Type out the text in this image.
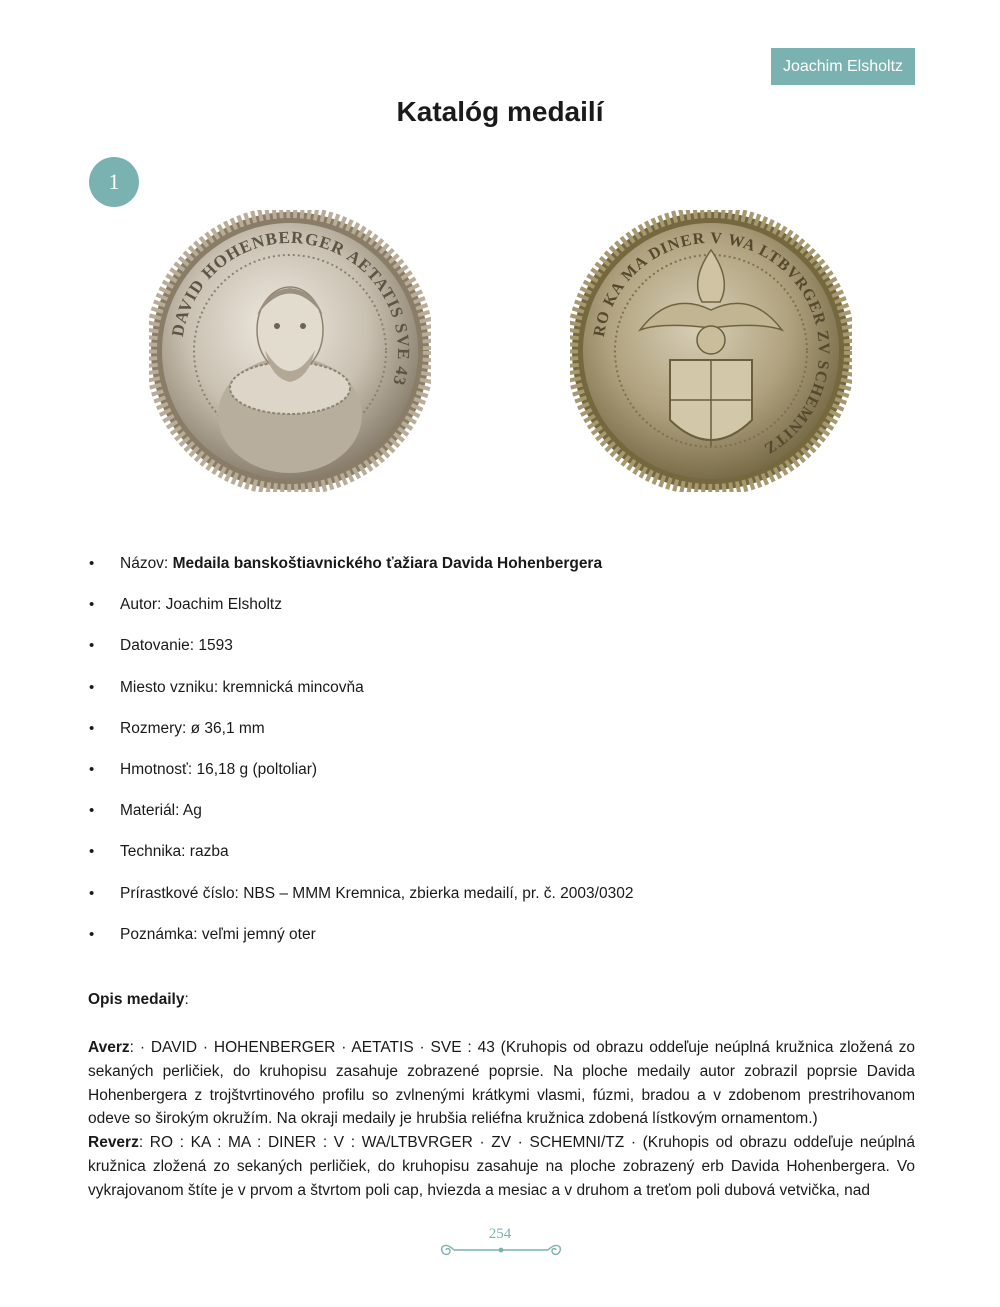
Joachim Elsholtz
Katalóg medailí
1
DAVID HOHENBERGER AETATIS SVE 43
RO KA MA DINER V WA LTBVRGER ZV SCHEMNITZ
•	Názov: Medaila banskoštiavnického ťažiara Davida Hohenbergera
•	Autor: Joachim Elsholtz
•	Datovanie: 1593
•	Miesto vzniku: kremnická mincovňa
•	Rozmery: ø 36,1 mm
•	Hmotnosť: 16,18 g (poltoliar)
•	Materiál: Ag
•	Technika: razba
•	Prírastkové číslo: NBS – MMM Kremnica, zbierka medailí, pr. č. 2003/0302
•	Poznámka: veľmi jemný oter
Opis medaily:

Averz: · DAVID · HOHENBERGER · AETATIS · SVE : 43 (Kruhopis od obrazu oddeľuje neúplná kružnica zložená zo sekaných perličiek, do kruhopisu zasahuje zobrazené poprsie. Na ploche medaily autor zobrazil poprsie Davida Hohenbergera z trojštvrtinového profilu so zvlnenými krátkymi vlasmi, fúzmi, bradou a v zdobenom prestrihovanom odeve so širokým okružím. Na okraji medaily je hrubšia reliéfna kružnica zdobená lístkovým ornamentom.)
Reverz: RO : KA : MA : DINER : V : WA/LTBVRGER · ZV · SCHEMNI/TZ · (Kruhopis od obrazu oddeľuje neúplná kružnica zložená zo sekaných perličiek, do kruhopisu zasahuje na ploche zobrazený erb Davida Hohenbergera. Vo vykrajovanom štíte je v prvom a štvrtom poli cap, hviezda a mesiac a v druhom a treťom poli dubová vetvička, nad

254
